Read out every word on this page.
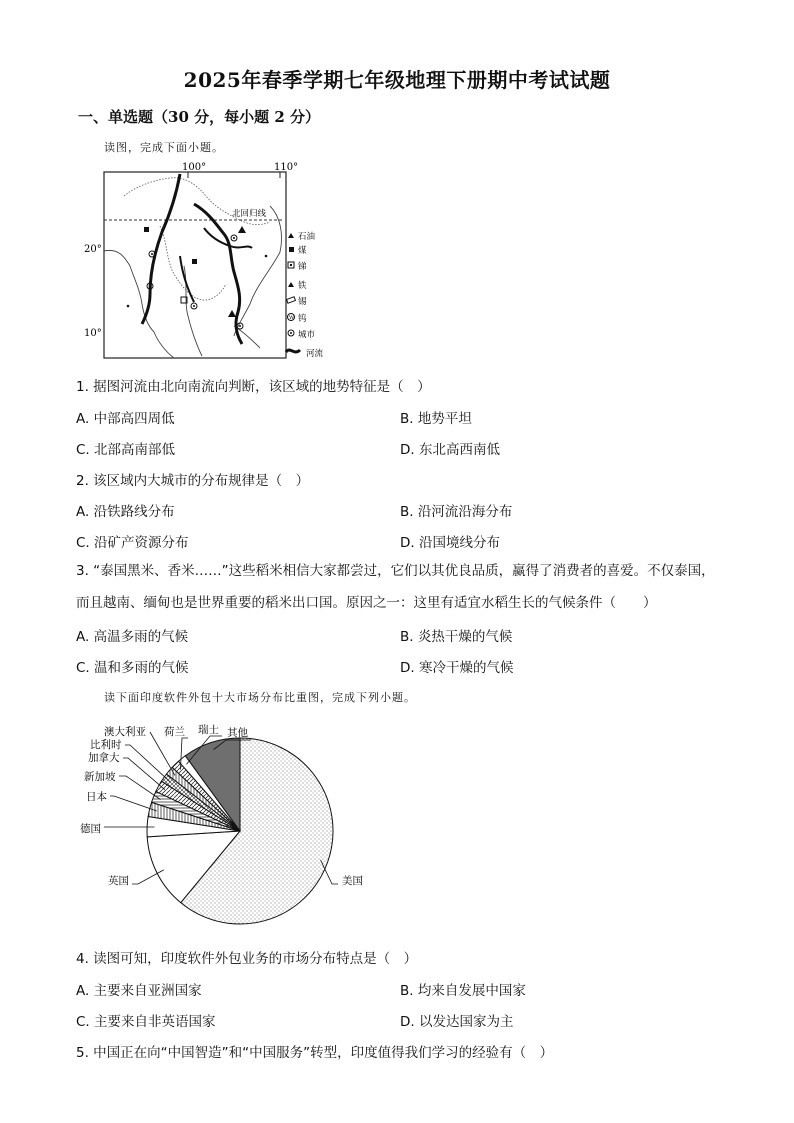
2025年春季学期七年级地理下册期中考试试题
一、单选题（30 分，每小题 2 分）
读图，完成下面小题。
100°	110°
20°
10°
北回归线
石油
煤
锑
铁
锡
W 钨
城市
河流
1. 据图河流由北向南流向判断，该区域的地势特征是（　）
A. 中部高四周低	B. 地势平坦
C. 北部高南部低	D. 东北高西南低
2. 该区域内大城市的分布规律是（　）
A. 沿铁路线分布	B. 沿河流沿海分布
C. 沿矿产资源分布	D. 沿国境线分布
3. “泰国黑米、香米……”这些稻米相信大家都尝过，它们以其优良品质，赢得了消费者的喜爱。不仅泰国，而且越南、缅甸也是世界重要的稻米出口国。原因之一：这里有适宜水稻生长的气候条件（　　）
A. 高温多雨的气候	B. 炎热干燥的气候
C. 温和多雨的气候	D. 寒冷干燥的气候
读下面印度软件外包十大市场分布比重图，完成下列小题。
美国
英国
德国
日本
新加坡
加拿大
比利时
澳大利亚 荷兰 瑞士 其他
4. 读图可知，印度软件外包业务的市场分布特点是（　）
A. 主要来自亚洲国家	B. 均来自发展中国家
C. 主要来自非英语国家	D. 以发达国家为主
5. 中国正在向“中国智造”和“中国服务”转型，印度值得我们学习的经验有（　）
